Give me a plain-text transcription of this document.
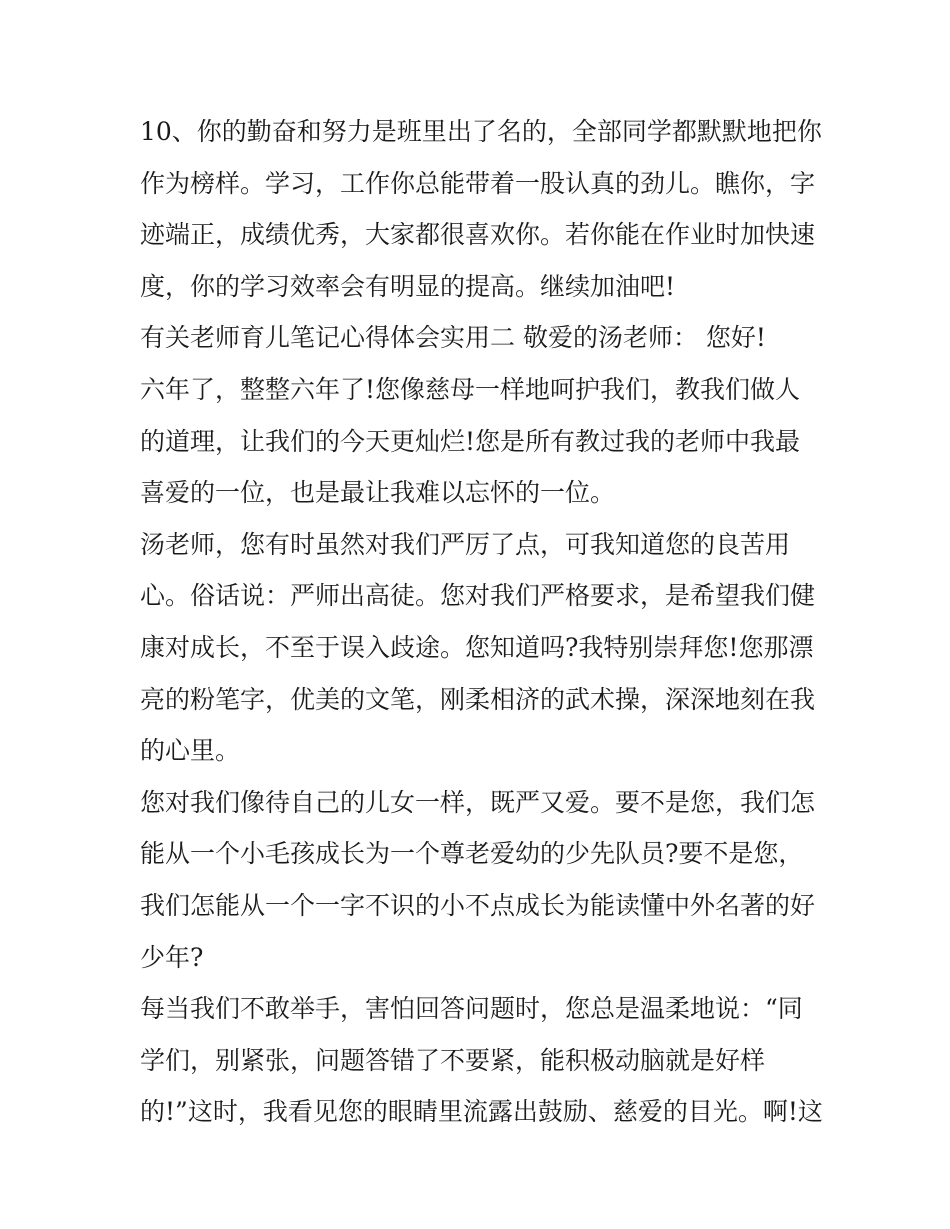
10、你的勤奋和努力是班里出了名的，全部同学都默默地把你
作为榜样。学习，工作你总能带着一股认真的劲儿。瞧你，字
迹端正，成绩优秀，大家都很喜欢你。若你能在作业时加快速
度，你的学习效率会有明显的提高。继续加油吧!
有关老师育儿笔记心得体会实用二 敬爱的汤老师： 您好!
六年了，整整六年了!您像慈母一样地呵护我们，教我们做人
的道理，让我们的今天更灿烂!您是所有教过我的老师中我最
喜爱的一位，也是最让我难以忘怀的一位。
汤老师，您有时虽然对我们严厉了点，可我知道您的良苦用
心。俗话说：严师出高徒。您对我们严格要求，是希望我们健
康对成长，不至于误入歧途。您知道吗?我特别崇拜您!您那漂
亮的粉笔字，优美的文笔，刚柔相济的武术操，深深地刻在我
的心里。
您对我们像待自己的儿女一样，既严又爱。要不是您，我们怎
能从一个小毛孩成长为一个尊老爱幼的少先队员?要不是您，
我们怎能从一个一字不识的小不点成长为能读懂中外名著的好
少年?
每当我们不敢举手，害怕回答问题时，您总是温柔地说：“同
学们，别紧张，问题答错了不要紧，能积极动脑就是好样
的!”这时，我看见您的眼睛里流露出鼓励、慈爱的目光。啊!这
